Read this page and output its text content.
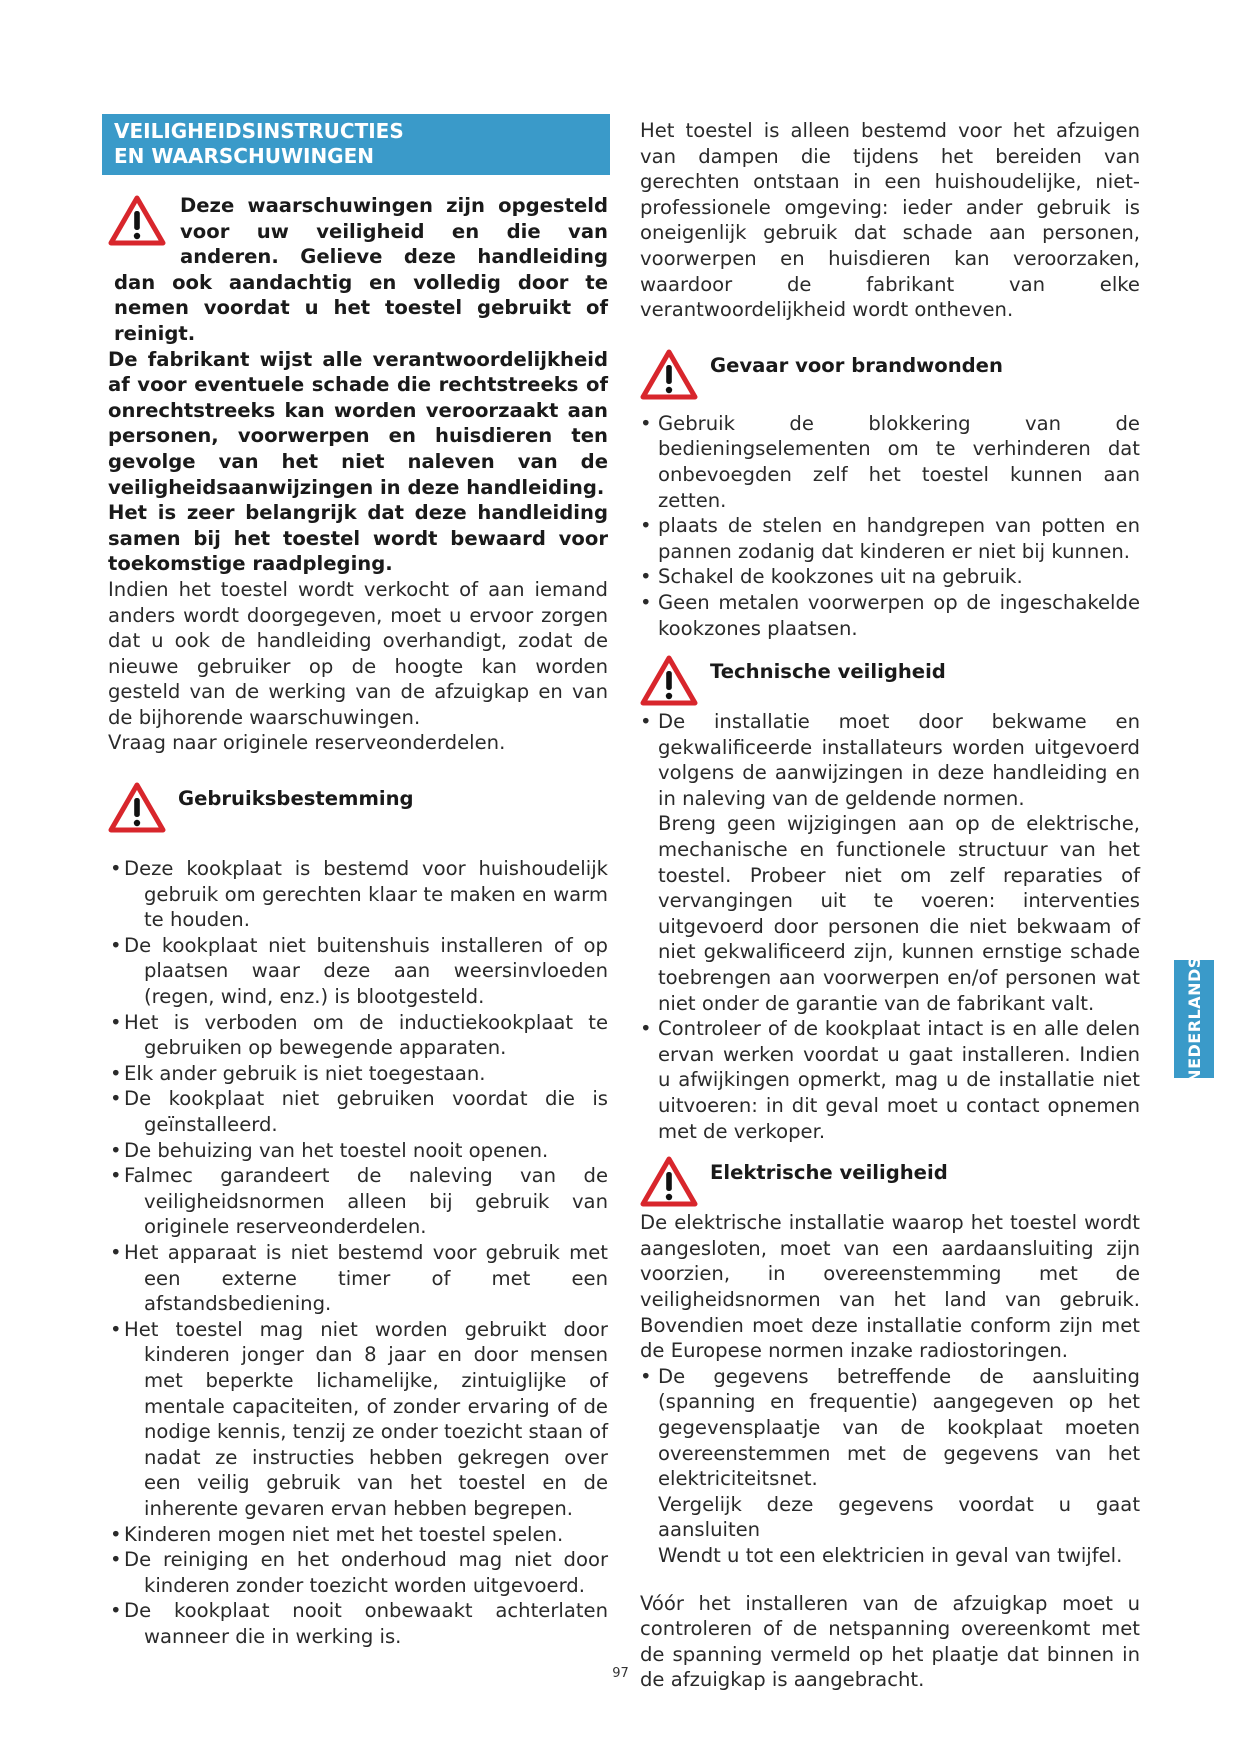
VEILIGHEIDSINSTRUCTIES
EN WAARSCHUWINGEN

Deze waarschuwingen zijn opgesteld voor uw veiligheid en die van anderen. Gelieve deze handleiding dan ook aandachtig en volledig door te nemen voordat u het toestel gebruikt of reinigt.

De fabrikant wijst alle verantwoordelijkheid af voor eventuele schade die rechtstreeks of onrechtstreeks kan worden veroorzaakt aan personen, voorwerpen en huisdieren ten gevolge van het niet naleven van de veiligheidsaanwijzingen in deze handleiding.

Het is zeer belangrijk dat deze handleiding samen bij het toestel wordt bewaard voor toekomstige raadpleging.

Indien het toestel wordt verkocht of aan iemand anders wordt doorgegeven, moet u ervoor zorgen dat u ook de handleiding overhandigt, zodat de nieuwe gebruiker op de hoogte kan worden gesteld van de werking van de afzuigkap en van de bijhorende waarschuwingen.

Vraag naar originele reserveonderdelen.

Gebruiksbestemming
• Deze kookplaat is bestemd voor huishoudelijk gebruik om gerechten klaar te maken en warm te houden.
• De kookplaat niet buitenshuis installeren of op plaatsen waar deze aan weersinvloeden (regen, wind, enz.) is blootgesteld.
• Het is verboden om de inductiekookplaat te gebruiken op bewegende apparaten.
• Elk ander gebruik is niet toegestaan.
• De kookplaat niet gebruiken voordat die is geïnstalleerd.
• De behuizing van het toestel nooit openen.
• Falmec garandeert de naleving van de veiligheidsnormen alleen bij gebruik van originele reserveonderdelen.
• Het apparaat is niet bestemd voor gebruik met een externe timer of met een afstandsbediening.
• Het toestel mag niet worden gebruikt door kinderen jonger dan 8 jaar en door mensen met beperkte lichamelijke, zintuiglijke of mentale capaciteiten, of zonder ervaring of de nodige kennis, tenzij ze onder toezicht staan of nadat ze instructies hebben gekregen over een veilig gebruik van het toestel en de inherente gevaren ervan hebben begrepen.
• Kinderen mogen niet met het toestel spelen.
• De reiniging en het onderhoud mag niet door kinderen zonder toezicht worden uitgevoerd.
• De kookplaat nooit onbewaakt achterlaten wanneer die in werking is.

Het toestel is alleen bestemd voor het afzuigen van dampen die tijdens het bereiden van gerechten ontstaan in een huishoudelijke, niet-professionele omgeving: ieder ander gebruik is oneigenlijk gebruik dat schade aan personen, voorwerpen en huisdieren kan veroorzaken, waardoor de fabrikant van elke verantwoordelijkheid wordt ontheven.

Gevaar voor brandwonden
• Gebruik de blokkering van de bedieningselementen om te verhinderen dat onbevoegden zelf het toestel kunnen aan zetten.
• plaats de stelen en handgrepen van potten en pannen zodanig dat kinderen er niet bij kunnen.
• Schakel de kookzones uit na gebruik.
• Geen metalen voorwerpen op de ingeschakelde kookzones plaatsen.
Technische veiligheid
• De installatie moet door bekwame en gekwalificeerde installateurs worden uitgevoerd volgens de aanwijzingen in deze handleiding en in naleving van de geldende normen.
Breng geen wijzigingen aan op de elektrische, mechanische en functionele structuur van het toestel. Probeer niet om zelf reparaties of vervangingen uit te voeren: interventies uitgevoerd door personen die niet bekwaam of niet gekwalificeerd zijn, kunnen ernstige schade toebrengen aan voorwerpen en/of personen wat niet onder de garantie van de fabrikant valt.
• Controleer of de kookplaat intact is en alle delen ervan werken voordat u gaat installeren. Indien u afwijkingen opmerkt, mag u de installatie niet uitvoeren: in dit geval moet u contact opnemen met de verkoper.
Elektrische veiligheid

De elektrische installatie waarop het toestel wordt aangesloten, moet van een aardaansluiting zijn voorzien, in overeenstemming met de veiligheidsnormen van het land van gebruik. Bovendien moet deze installatie conform zijn met de Europese normen inzake radiostoringen.

• De gegevens betreffende de aansluiting (spanning en frequentie) aangegeven op het gegevensplaatje van de kookplaat moeten overeenstemmen met de gegevens van het elektriciteitsnet.
Vergelijk deze gegevens voordat u gaat aansluiten
Wendt u tot een elektricien in geval van twijfel.

Vóór het installeren van de afzuigkap moet u controleren of de netspanning overeenkomt met de spanning vermeld op het plaatje dat binnen in de afzuigkap is aangebracht.

NEDERLANDS
97
